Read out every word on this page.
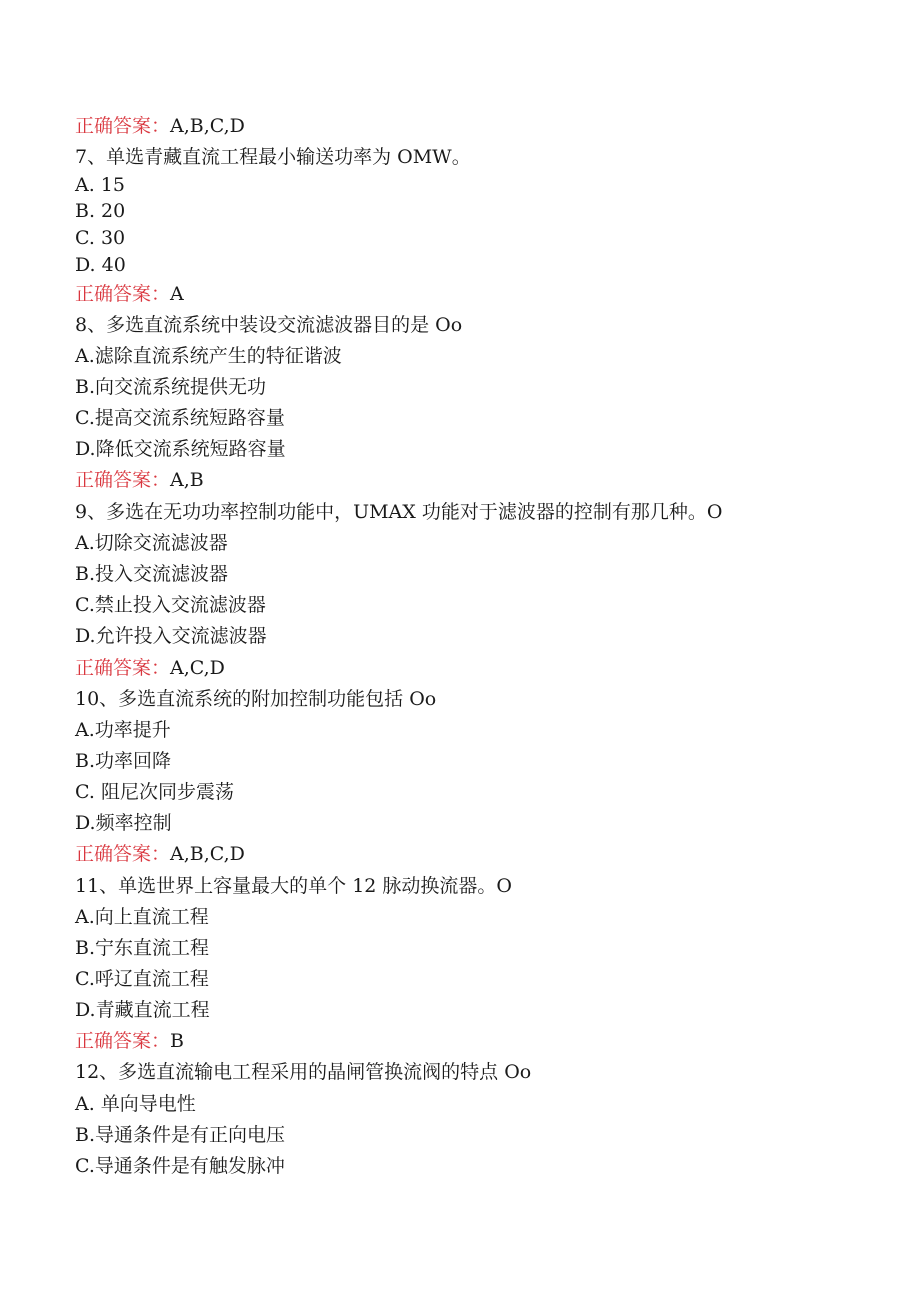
正确答案：A,B,C,D
7、单选青藏直流工程最小输送功率为 OMW。
A. 15
B. 20
C. 30
D. 40
正确答案：A
8、多选直流系统中装设交流滤波器目的是 Oo
A.滤除直流系统产生的特征谐波
B.向交流系统提供无功
C.提高交流系统短路容量
D.降低交流系统短路容量
正确答案：A,B
9、多选在无功功率控制功能中，UMAX 功能对于滤波器的控制有那几种。O
A.切除交流滤波器
B.投入交流滤波器
C.禁止投入交流滤波器
D.允许投入交流滤波器
正确答案：A,C,D
10、多选直流系统的附加控制功能包括 Oo
A.功率提升
B.功率回降
C. 阻尼次同步震荡
D.频率控制
正确答案：A,B,C,D
11、单选世界上容量最大的单个 12 脉动换流器。O
A.向上直流工程
B.宁东直流工程
C.呼辽直流工程
D.青藏直流工程
正确答案：B
12、多选直流输电工程采用的晶闸管换流阀的特点 Oo
A. 单向导电性
B.导通条件是有正向电压
C.导通条件是有触发脉冲
